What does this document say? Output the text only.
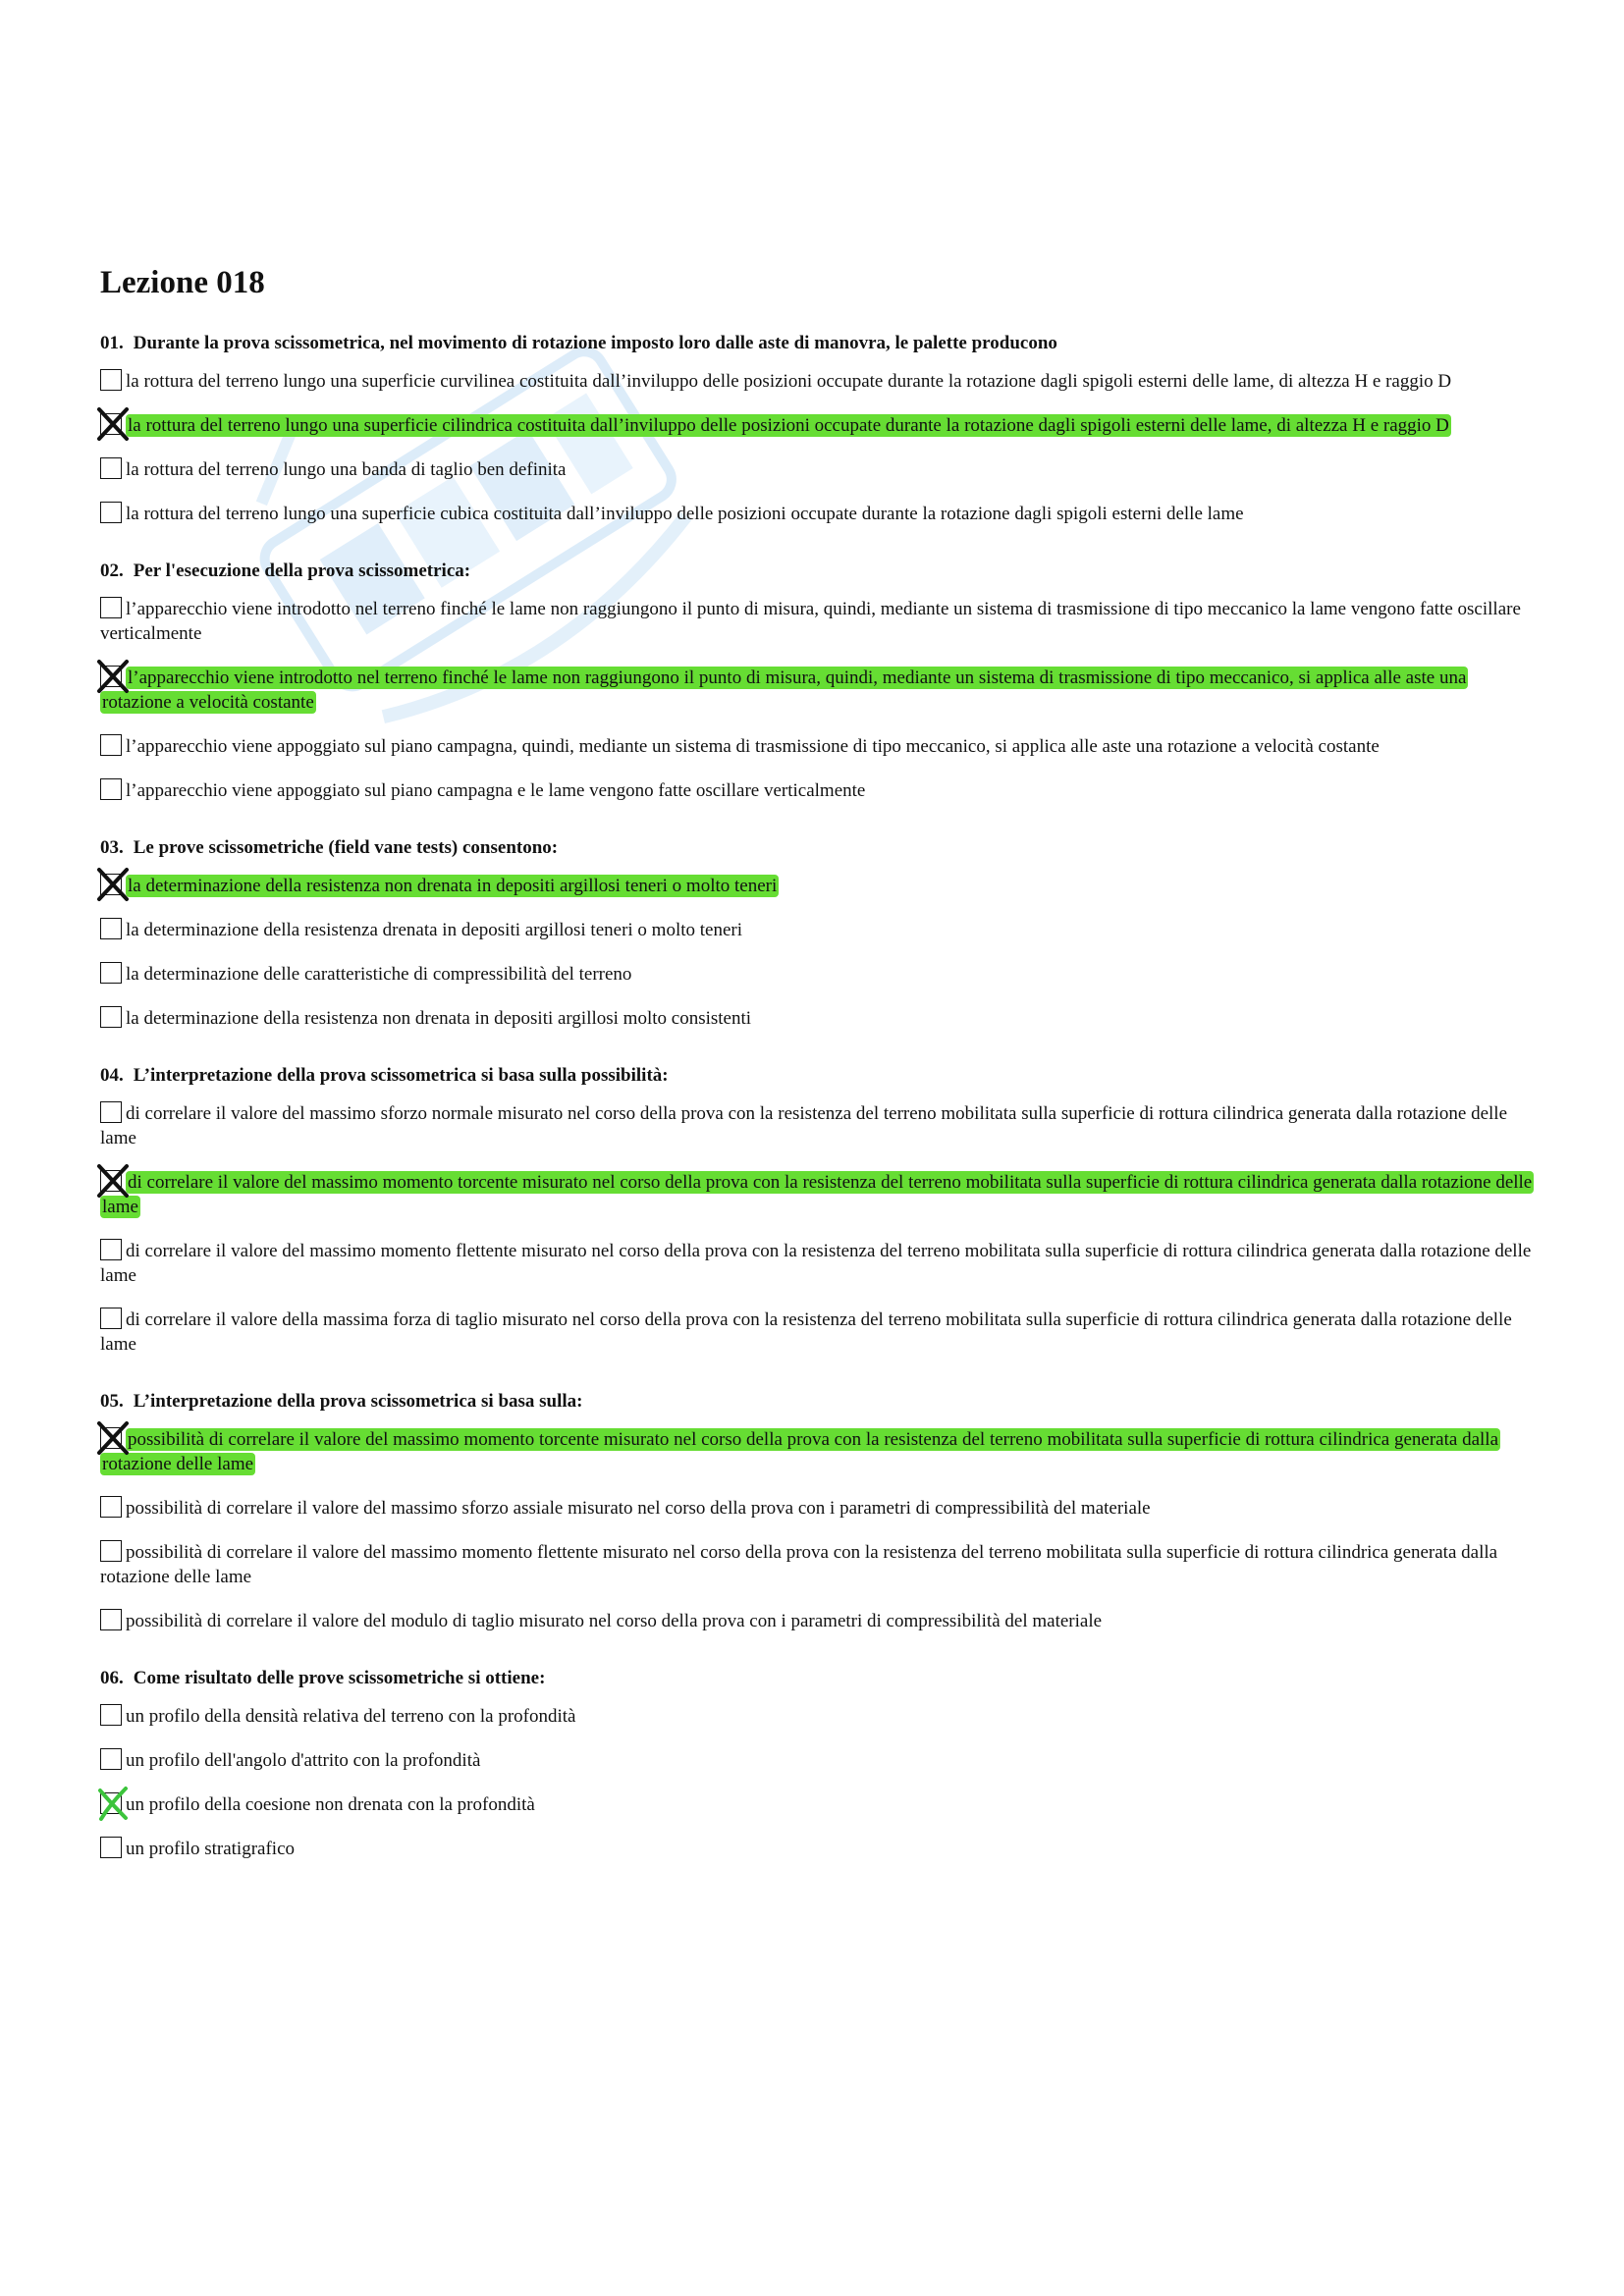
Lezione 018

01. Durante la prova scissometrica, nel movimento di rotazione imposto loro dalle aste di manovra, le palette producono

la rottura del terreno lungo una superficie curvilinea costituita dall’inviluppo delle posizioni occupate durante la rotazione dagli spigoli esterni delle lame, di altezza H e raggio D
la rottura del terreno lungo una superficie cilindrica costituita dall’inviluppo delle posizioni occupate durante la rotazione dagli spigoli esterni delle lame, di altezza H e raggio D
la rottura del terreno lungo una banda di taglio ben definita
la rottura del terreno lungo una superficie cubica costituita dall’inviluppo delle posizioni occupate durante la rotazione dagli spigoli esterni delle lame

02. Per l'esecuzione della prova scissometrica:

l’apparecchio viene introdotto nel terreno finché le lame non raggiungono il punto di misura, quindi, mediante un sistema di trasmissione di tipo meccanico la lame vengono fatte oscillare verticalmente
l’apparecchio viene introdotto nel terreno finché le lame non raggiungono il punto di misura, quindi, mediante un sistema di trasmissione di tipo meccanico, si applica alle aste una rotazione a velocità costante
l’apparecchio viene appoggiato sul piano campagna, quindi, mediante un sistema di trasmissione di tipo meccanico, si applica alle aste una rotazione a velocità costante
l’apparecchio viene appoggiato sul piano campagna e le lame vengono fatte oscillare verticalmente

03. Le prove scissometriche (field vane tests) consentono:

la determinazione della resistenza non drenata in depositi argillosi teneri o molto teneri
la determinazione della resistenza drenata in depositi argillosi teneri o molto teneri
la determinazione delle caratteristiche di compressibilità del terreno
la determinazione della resistenza non drenata in depositi argillosi molto consistenti

04. L’interpretazione della prova scissometrica si basa sulla possibilità:

di correlare il valore del massimo sforzo normale misurato nel corso della prova con la resistenza del terreno mobilitata sulla superficie di rottura cilindrica generata dalla rotazione delle lame
di correlare il valore del massimo momento torcente misurato nel corso della prova con la resistenza del terreno mobilitata sulla superficie di rottura cilindrica generata dalla rotazione delle lame
di correlare il valore del massimo momento flettente misurato nel corso della prova con la resistenza del terreno mobilitata sulla superficie di rottura cilindrica generata dalla rotazione delle lame
di correlare il valore della massima forza di taglio misurato nel corso della prova con la resistenza del terreno mobilitata sulla superficie di rottura cilindrica generata dalla rotazione delle lame

05. L’interpretazione della prova scissometrica si basa sulla:

possibilità di correlare il valore del massimo momento torcente misurato nel corso della prova con la resistenza del terreno mobilitata sulla superficie di rottura cilindrica generata dalla rotazione delle lame
possibilità di correlare il valore del massimo sforzo assiale misurato nel corso della prova con i parametri di compressibilità del materiale
possibilità di correlare il valore del massimo momento flettente misurato nel corso della prova con la resistenza del terreno mobilitata sulla superficie di rottura cilindrica generata dalla rotazione delle lame
possibilità di correlare il valore del modulo di taglio misurato nel corso della prova con i parametri di compressibilità del materiale

06. Come risultato delle prove scissometriche si ottiene:

un profilo della densità relativa del terreno con la profondità
un profilo dell'angolo d'attrito con la profondità
un profilo della coesione non drenata con la profondità
un profilo stratigrafico
